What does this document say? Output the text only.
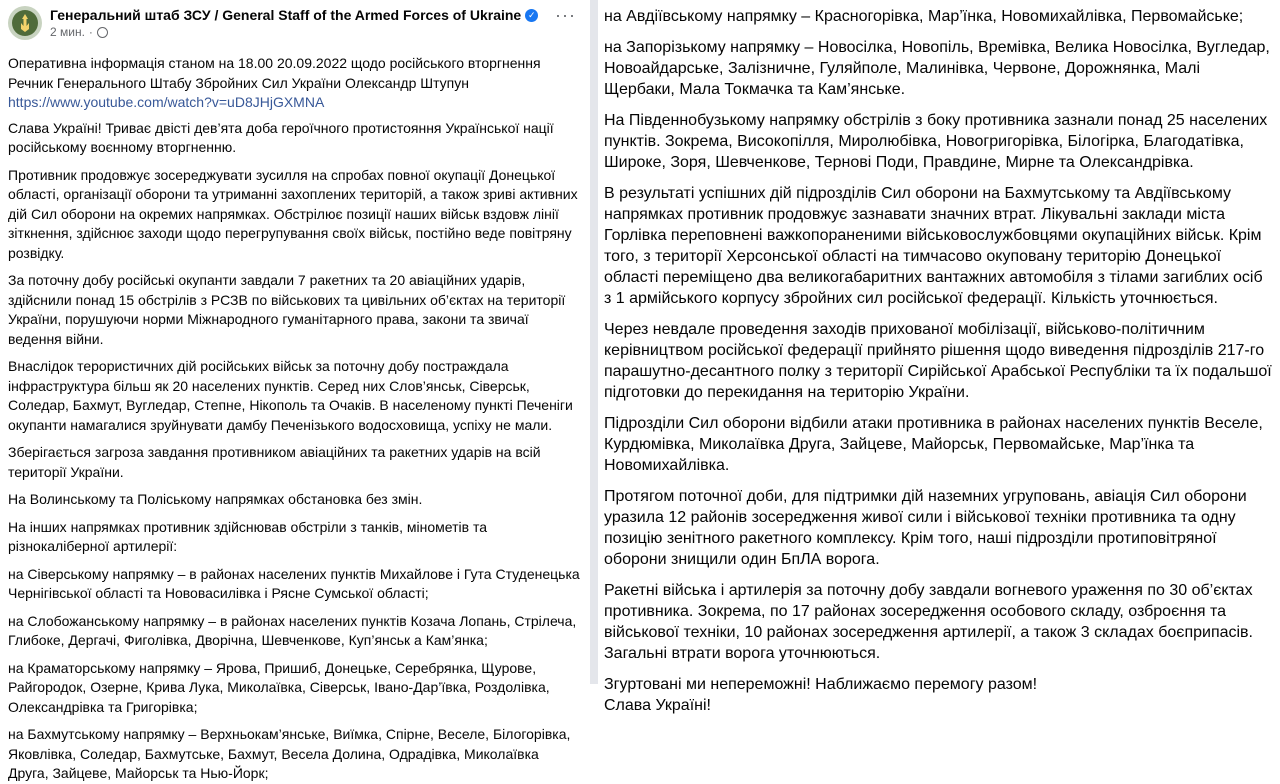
Генеральний штаб ЗСУ / General Staff of the Armed Forces of Ukraine ✓
2 мин. ·
···

Оперативна інформація станом на 18.00 20.09.2022 щодо російського вторгнення
Речник Генерального Штабу Збройних Сил України Олександр Штупун
https://www.youtube.com/watch?v=uD8JHjGXMNA

Слава Україні! Триває двісті дев’ята доба героїчного протистояння Української нації російському воєнному вторгненню.

Противник продовжує зосереджувати зусилля на спробах повної окупації Донецької області, організації оборони та утриманні захоплених територій, а також зриві активних дій Сил оборони на окремих напрямках. Обстрілює позиції наших військ вздовж лінії зіткнення, здійснює заходи щодо перегрупування своїх військ, постійно веде повітряну розвідку.

За поточну добу російські окупанти завдали 7 ракетних та 20 авіаційних ударів, здійснили понад 15 обстрілів з РСЗВ по військових та цивільних об’єктах на території України, порушуючи норми Міжнародного гуманітарного права, закони та звичаї ведення війни.

Внаслідок терористичних дій російських військ за поточну добу постраждала інфраструктура більш як 20 населених пунктів. Серед них Слов’янськ, Сіверськ, Соледар, Бахмут, Вугледар, Степне, Нікополь та Очаків. В населеному пункті Печеніги окупанти намагалися зруйнувати дамбу Печенізького водосховища, успіху не мали.

Зберігається загроза завдання противником авіаційних та ракетних ударів на всій території України.

На Волинському та Поліському напрямках обстановка без змін.

На інших напрямках противник здійснював обстріли з танків, мінометів та різнокаліберної артилерії:

на Сіверському напрямку – в районах населених пунктів Михайлове і Гута Студенецька Чернігівської області та Нововасилівка і Рясне Сумської області;

на Слобожанському напрямку – в районах населених пунктів Козача Лопань, Стрілеча, Глибоке, Дергачі, Фиголівка, Дворічна, Шевченкове, Куп’янськ а Кам’янка;

на Краматорському напрямку – Ярова, Пришиб, Донецьке, Серебрянка, Щурове, Райгородок, Озерне, Крива Лука, Миколаївка, Сіверськ, Івано-Дар’ївка, Роздолівка, Олександрівка та Григорівка;

на Бахмутському напрямку – Верхньокам’янське, Виїмка, Спірне, Веселе, Білогорівка, Яковлівка, Соледар, Бахмутське, Бахмут, Весела Долина, Одрадівка, Миколаївка Друга, Зайцеве, Майорськ та Нью-Йорк;

на Авдіївському напрямку – Красногорівка, Мар’їнка, Новомихайлівка, Первомайське;

на Запорізькому напрямку – Новосілка, Новопіль, Времівка, Велика Новосілка, Вугледар, Новоайдарське, Залізничне, Гуляйполе, Малинівка, Червоне, Дорожнянка, Малі Щербаки, Мала Токмачка та Кам’янське.

На Південнобузькому напрямку обстрілів з боку противника зазнали понад 25 населених пунктів. Зокрема, Високопілля, Миролюбівка, Новогригорівка, Білогірка, Благодатівка, Широке, Зоря, Шевченкове, Тернові Поди, Правдине, Мирне та Олександрівка.

В результаті успішних дій підрозділів Сил оборони на Бахмутському та Авдіївському напрямках противник продовжує зазнавати значних втрат. Лікувальні заклади міста Горлівка переповнені важкопораненими військовослужбовцями окупаційних військ. Крім того, з території Херсонської області на тимчасово окуповану територію Донецької області переміщено два великогабаритних вантажних автомобіля з тілами загиблих осіб з 1 армійського корпусу збройних сил російської федерації. Кількість уточнюється.

Через невдале проведення заходів прихованої мобілізації, військово-політичним керівництвом російської федерації прийнято рішення щодо виведення підрозділів 217-го парашутно-десантного полку з території Сирійської Арабської Республіки та їх подальшої підготовки до перекидання на територію України.

Підрозділи Сил оборони відбили атаки противника в районах населених пунктів Веселе, Курдюмівка, Миколаївка Друга, Зайцеве, Майорськ, Первомайське, Мар’їнка та Новомихайлівка.

Протягом поточної доби, для підтримки дій наземних угруповань, авіація Сил оборони уразила 12 районів зосередження живої сили і військової техніки противника та одну позицію зенітного ракетного комплексу. Крім того, наші підрозділи протиповітряної оборони знищили один БпЛА ворога.

Ракетні війська і артилерія за поточну добу завдали вогневого ураження по 30 об’єктах противника. Зокрема, по 17 районах зосередження особового складу, озброєння та військової техніки, 10 районах зосередження артилерії, а також 3 складах боєприпасів. Загальні втрати ворога уточнюються.

Згуртовані ми непереможні! Наближаємо перемогу разом!
Слава Україні!
